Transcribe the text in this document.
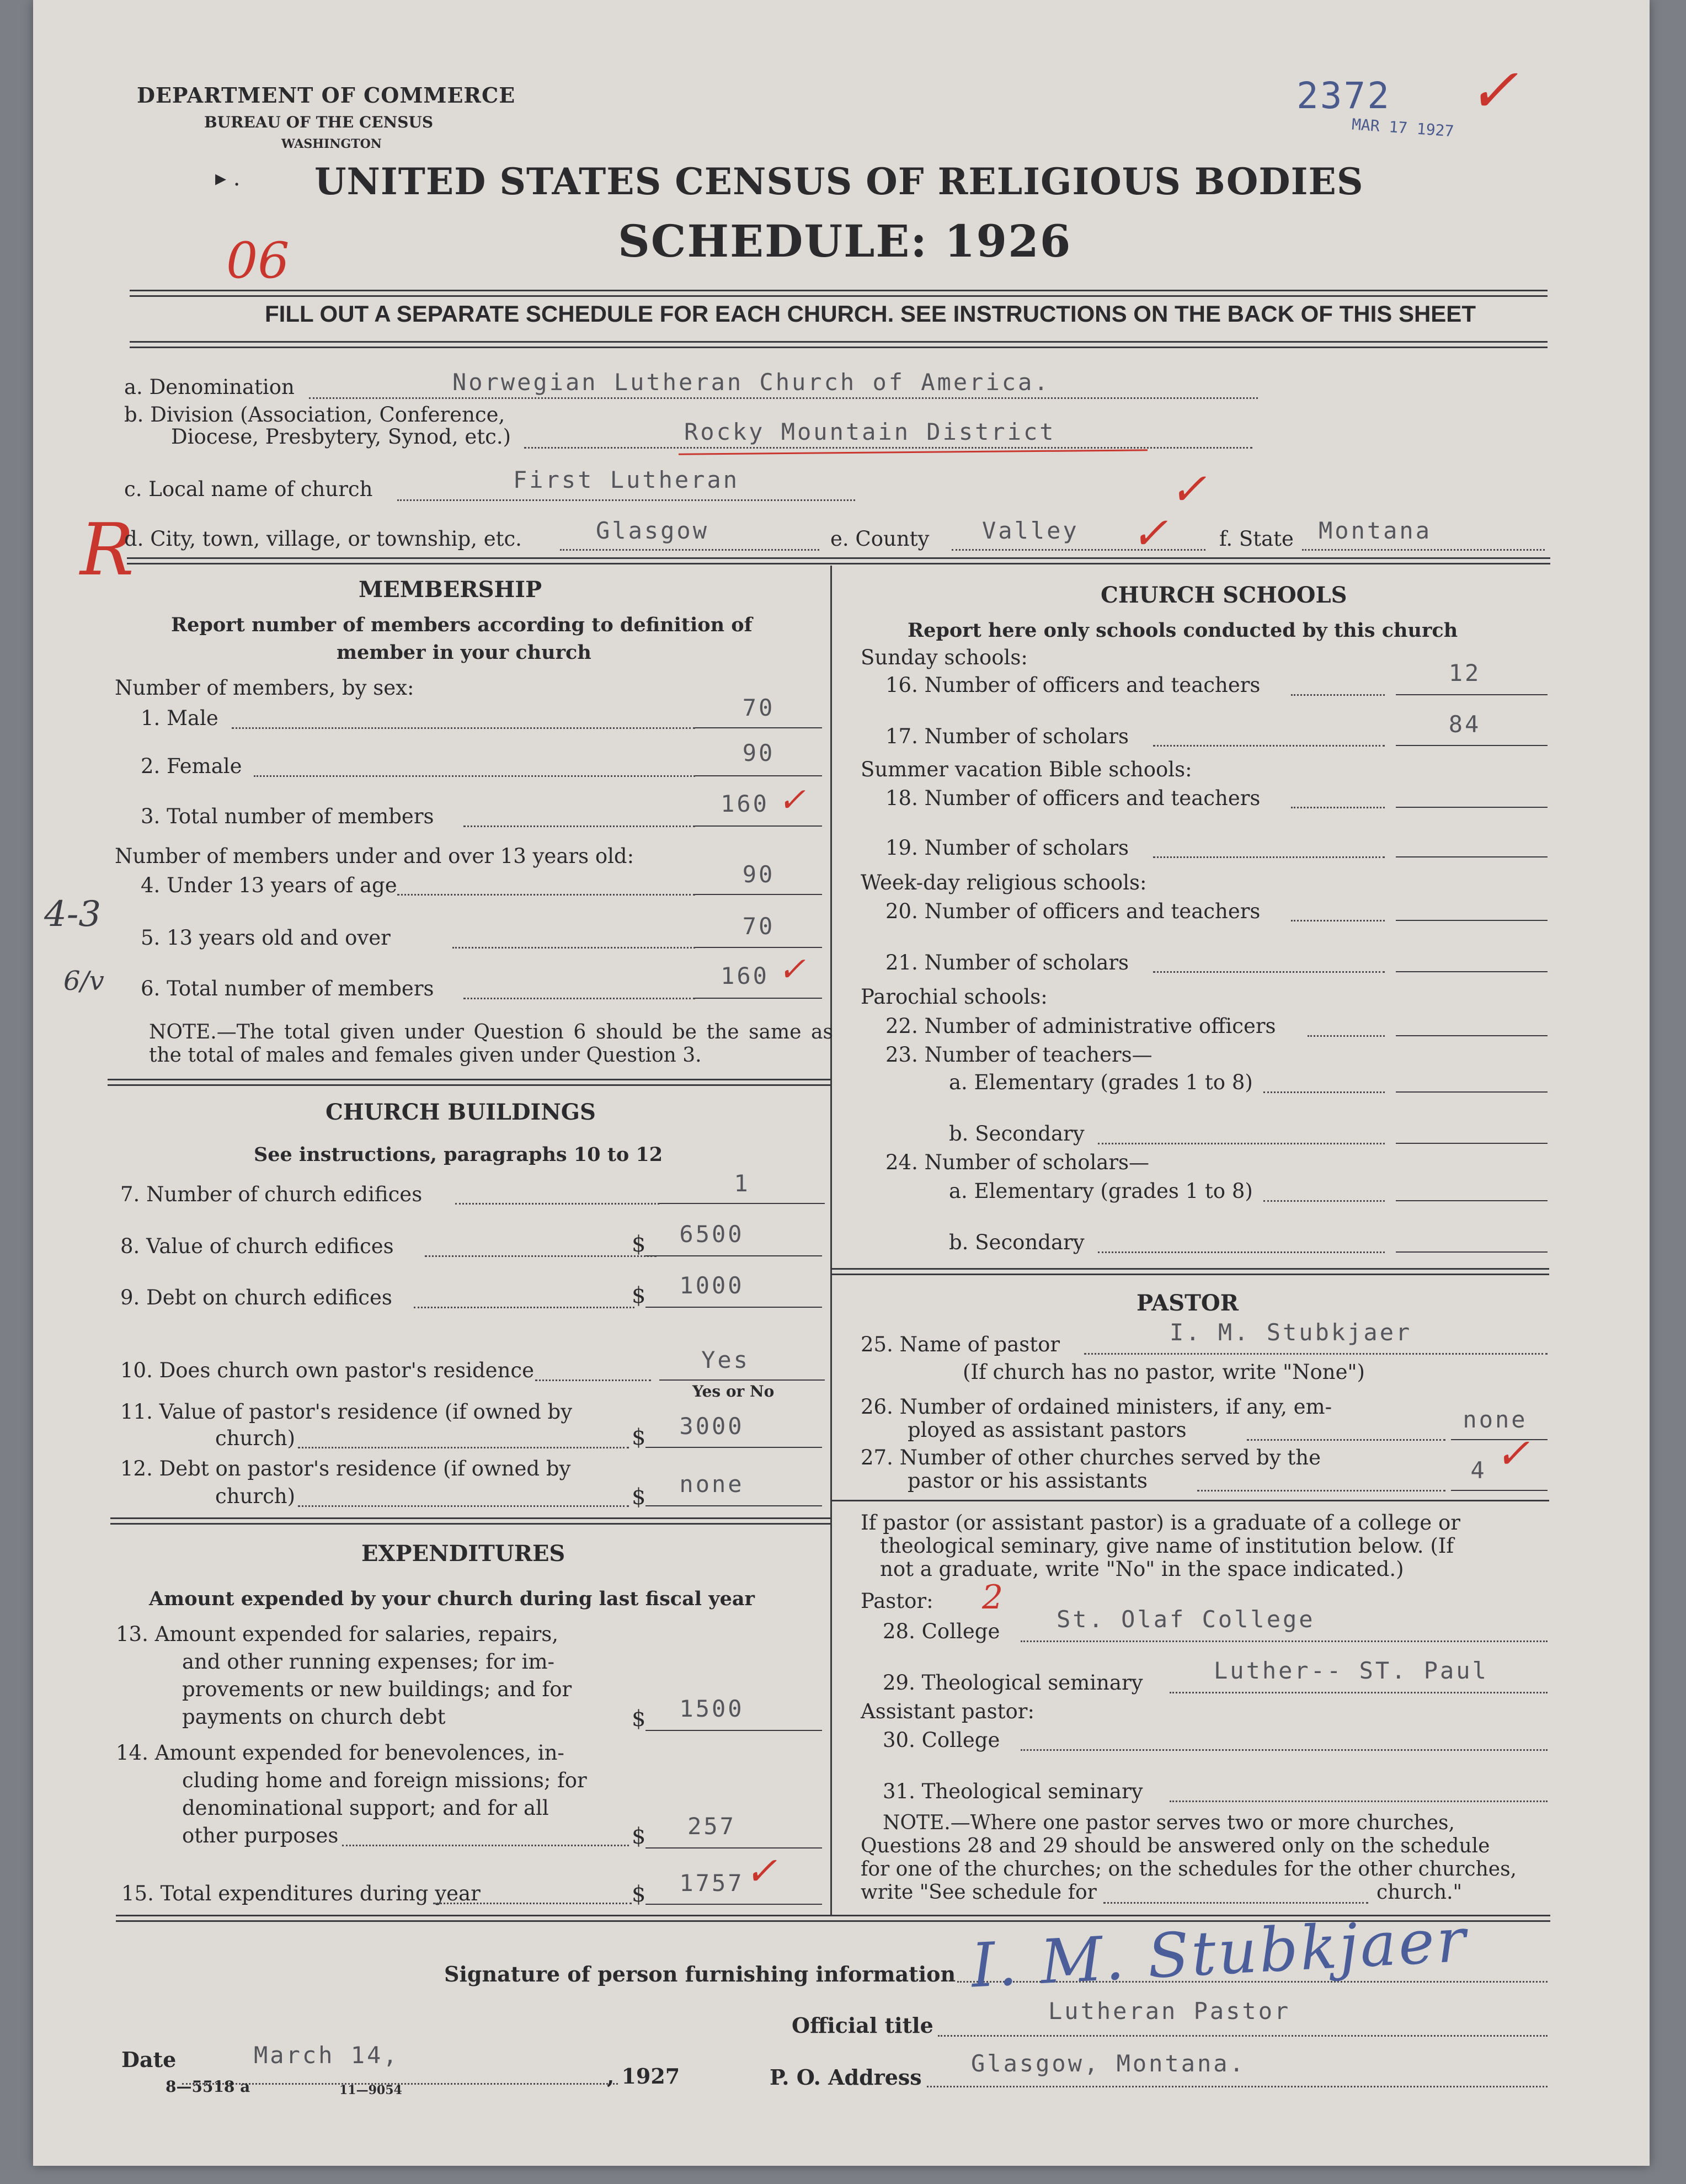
DEPARTMENT OF COMMERCE
BUREAU OF THE CENSUS
WASHINGTON
2372
MAR 17 1927
✓
▸ . UNITED STATES CENSUS OF RELIGIOUS BODIES
SCHEDULE: 1926
06
FILL OUT A SEPARATE SCHEDULE FOR EACH CHURCH. SEE INSTRUCTIONS ON THE BACK OF THIS SHEET
a. Denomination	Norwegian Lutheran Church of America.
b. Division (Association, Conference,
Diocese, Presbytery, Synod, etc.)	Rocky Mountain District
c. Local name of church	First Lutheran	✓
R
d. City, town, village, or township, etc.	Glasgow	e. County Valley ✓	f. State Montana
MEMBERSHIP
Report number of members according to definition of
member in your church
Number of members, by sex:
1. Male	70
2. Female	90
3. Total number of members	160 ✓
Number of members under and over 13 years old:
4. Under 13 years of age	90
4-3
5. 13 years old and over	70
6/v 6. Total number of members	160 ✓
NOTE.—The total given under Question 6 should be the same as the total of males and females given under Question 3.
CHURCH BUILDINGS
See instructions, paragraphs 10 to 12
7. Number of church edifices	1
8. Value of church edifices	$	6500
9. Debt on church edifices	$	1000
10. Does church own pastor's residence	Yes
Yes or No
11. Value of pastor's residence (if owned by
church)	$	3000
12. Debt on pastor's residence (if owned by
church)	$	none
EXPENDITURES
Amount expended by your church during last fiscal year
13. Amount expended for salaries, repairs,
and other running expenses; for im-
provements or new buildings; and for
payments on church debt	$	1500
14. Amount expended for benevolences, in-
cluding home and foreign missions; for
denominational support; and for all
other purposes	$	257
15. Total expenditures during year	$	1757 ✓
CHURCH SCHOOLS
Report here only schools conducted by this church
Sunday schools:
16. Number of officers and teachers	12
17. Number of scholars	84
Summer vacation Bible schools:
18. Number of officers and teachers
19. Number of scholars
Week-day religious schools:
20. Number of officers and teachers
21. Number of scholars
Parochial schools:
22. Number of administrative officers
23. Number of teachers—
a. Elementary (grades 1 to 8)
b. Secondary
24. Number of scholars—
a. Elementary (grades 1 to 8)
b. Secondary
PASTOR
25. Name of pastor	I. M. Stubkjaer
(If church has no pastor, write "None")
26. Number of ordained ministers, if any, em-
ployed as assistant pastors	none
27. Number of other churches served by the
pastor or his assistants	4 ✓
If pastor (or assistant pastor) is a graduate of a college or
theological seminary, give name of institution below. (If
not a graduate, write "No" in the space indicated.)
Pastor: 2
28. College St. Olaf College
29. Theological seminary	Luther-- ST. Paul
Assistant pastor:
30. College
31. Theological seminary
NOTE.—Where one pastor serves two or more churches,
Questions 28 and 29 should be answered only on the schedule
for one of the churches; on the schedules for the other churches,
write "See schedule for	church."
Signature of person furnishing information I. M. Stubkjaer
Official title
Lutheran Pastor
Date	March 14,
, 1927	P. O. Address
Glasgow, Montana.
8—5518 a	11—9054
